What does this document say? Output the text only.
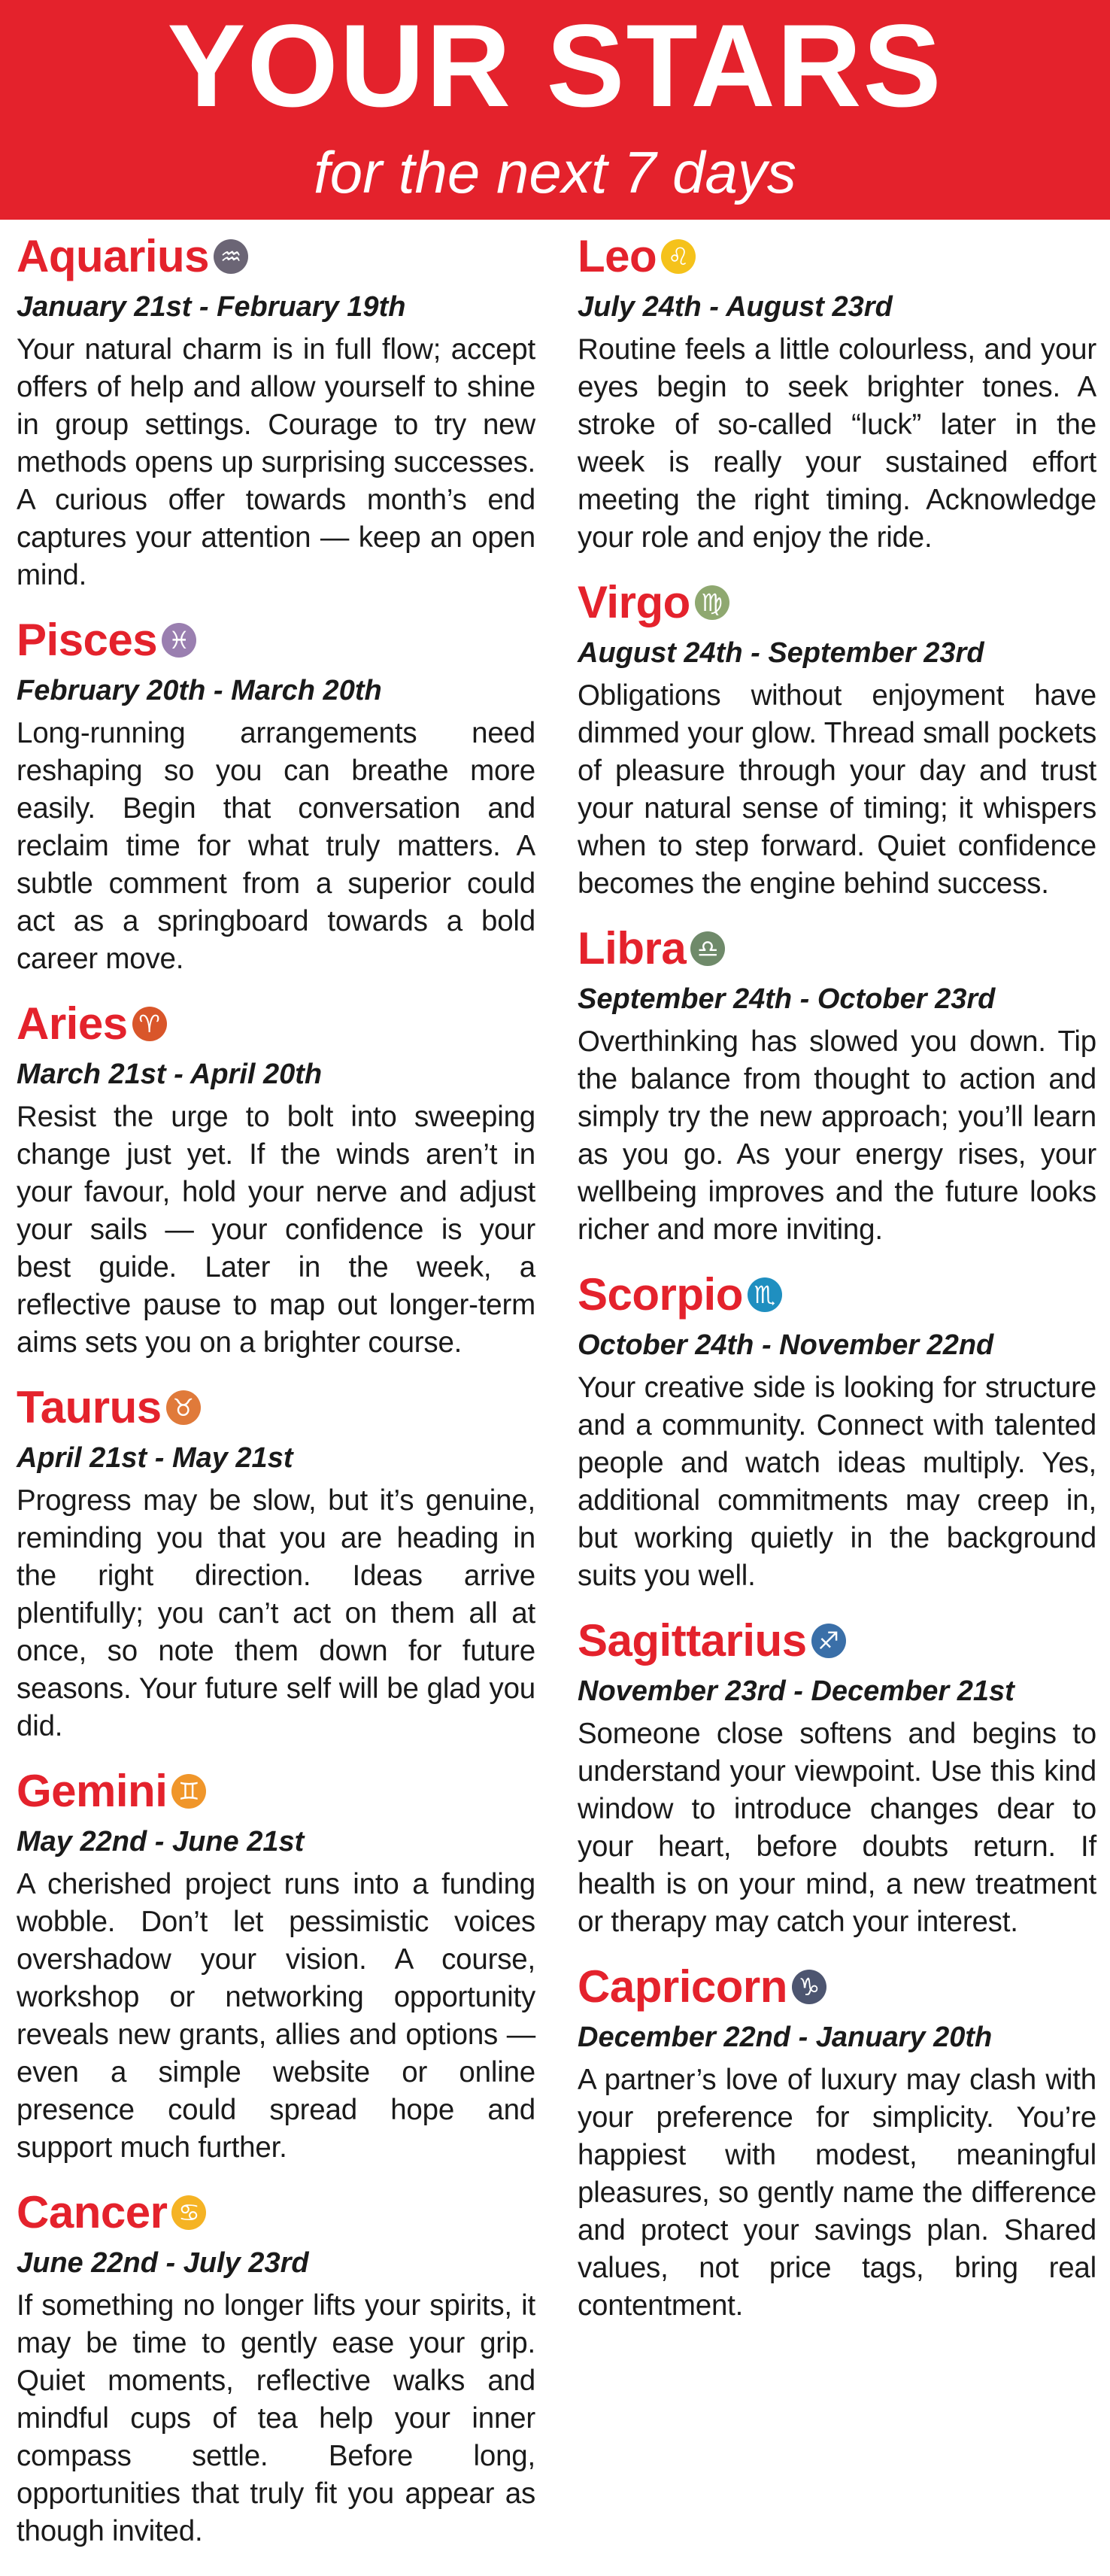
YOUR STARS
for the next 7 days
Aquarius ♒︎
January 21st - February 19th
Your natural charm is in full flow; accept offers of help and allow yourself to shine in group settings. Courage to try new methods opens up surprising successes. A curious offer towards month’s end captures your attention — keep an open mind.
Pisces ♓︎
February 20th - March 20th
Long-running arrangements need reshaping so you can breathe more easily. Begin that conversation and reclaim time for what truly matters. A subtle comment from a superior could act as a springboard towards a bold career move.
Aries ♈︎
March 21st - April 20th
Resist the urge to bolt into sweeping change just yet. If the winds aren’t in your favour, hold your nerve and adjust your sails — your confidence is your best guide. Later in the week, a reflective pause to map out longer-term aims sets you on a brighter course.
Taurus ♉︎
April 21st - May 21st
Progress may be slow, but it’s genuine, reminding you that you are heading in the right direction. Ideas arrive plentifully; you can’t act on them all at once, so note them down for future seasons. Your future self will be glad you did.
Gemini ♊︎
May 22nd - June 21st
A cherished project runs into a funding wobble. Don’t let pessimistic voices overshadow your vision. A course, workshop or networking opportunity reveals new grants, allies and options — even a simple website or online presence could spread hope and support much further.
Cancer ♋︎
June 22nd - July 23rd
If something no longer lifts your spirits, it may be time to gently ease your grip. Quiet moments, reflective walks and mindful cups of tea help your inner compass settle. Before long, opportunities that truly fit you appear as though invited.
Leo ♌︎
July 24th - August 23rd
Routine feels a little colourless, and your eyes begin to seek brighter tones. A stroke of so-called “luck” later in the week is really your sustained effort meeting the right timing. Acknowledge your role and enjoy the ride.
Virgo ♍︎
August 24th - September 23rd
Obligations without enjoyment have dimmed your glow. Thread small pockets of pleasure through your day and trust your natural sense of timing; it whispers when to step forward. Quiet confidence becomes the engine behind success.
Libra ♎︎
September 24th - October 23rd
Overthinking has slowed you down. Tip the balance from thought to action and simply try the new approach; you’ll learn as you go. As your energy rises, your wellbeing improves and the future looks richer and more inviting.
Scorpio ♏︎
October 24th - November 22nd
Your creative side is looking for structure and a community. Connect with talented people and watch ideas multiply. Yes, additional commitments may creep in, but working quietly in the background suits you well.
Sagittarius ♐︎
November 23rd - December 21st
Someone close softens and begins to understand your viewpoint. Use this kind window to introduce changes dear to your heart, before doubts return. If health is on your mind, a new treatment or therapy may catch your interest.
Capricorn ♑︎
December 22nd - January 20th
A partner’s love of luxury may clash with your preference for simplicity. You’re happiest with modest, meaningful pleasures, so gently name the difference and protect your savings plan. Shared values, not price tags, bring real contentment.
